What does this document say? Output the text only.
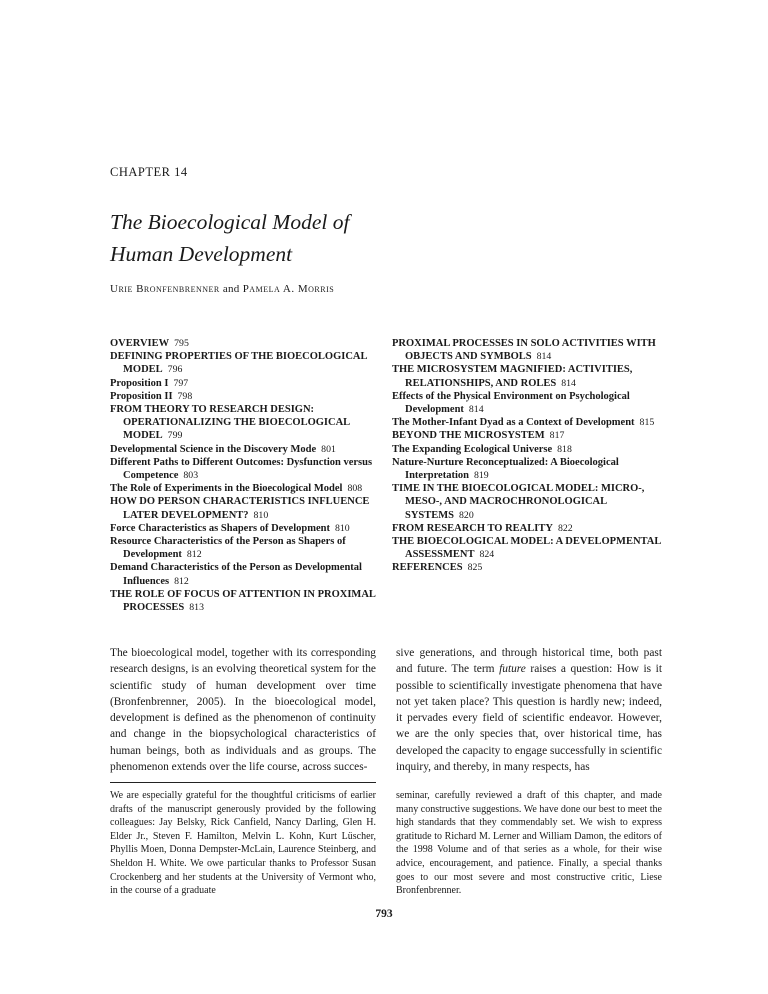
CHAPTER 14
The Bioecological Model of
Human Development
Urie Bronfenbrenner and Pamela A. Morris
OVERVIEW 795
DEFINING PROPERTIES OF THE BIOECOLOGICAL MODEL 796
Proposition I 797
Proposition II 798
FROM THEORY TO RESEARCH DESIGN: OPERATIONALIZING THE BIOECOLOGICAL MODEL 799
Developmental Science in the Discovery Mode 801
Different Paths to Different Outcomes: Dysfunction versus Competence 803
The Role of Experiments in the Bioecological Model 808
HOW DO PERSON CHARACTERISTICS INFLUENCE LATER DEVELOPMENT? 810
Force Characteristics as Shapers of Development 810
Resource Characteristics of the Person as Shapers of Development 812
Demand Characteristics of the Person as Developmental Influences 812
THE ROLE OF FOCUS OF ATTENTION IN PROXIMAL PROCESSES 813
PROXIMAL PROCESSES IN SOLO ACTIVITIES WITH OBJECTS AND SYMBOLS 814
THE MICROSYSTEM MAGNIFIED: ACTIVITIES, RELATIONSHIPS, AND ROLES 814
Effects of the Physical Environment on Psychological Development 814
The Mother-Infant Dyad as a Context of Development 815
BEYOND THE MICROSYSTEM 817
The Expanding Ecological Universe 818
Nature-Nurture Reconceptualized: A Bioecological Interpretation 819
TIME IN THE BIOECOLOGICAL MODEL: MICRO-, MESO-, AND MACROCHRONOLOGICAL SYSTEMS 820
FROM RESEARCH TO REALITY 822
THE BIOECOLOGICAL MODEL: A DEVELOPMENTAL ASSESSMENT 824
REFERENCES 825

The bioecological model, together with its corresponding research designs, is an evolving theoretical system for the scientific study of human development over time (Bronfenbrenner, 2005). In the bioecological model, development is defined as the phenomenon of continuity and change in the biopsychological characteristics of human beings, both as individuals and as groups. The phenomenon extends over the life course, across succes-

sive generations, and through historical time, both past and future. The term future raises a question: How is it possible to scientifically investigate phenomena that have not yet taken place? This question is hardly new; indeed, it pervades every field of scientific endeavor. However, we are the only species that, over historical time, has developed the capacity to engage successfully in scientific inquiry, and thereby, in many respects, has

We are especially grateful for the thoughtful criticisms of earlier drafts of the manuscript generously provided by the following colleagues: Jay Belsky, Rick Canfield, Nancy Darling, Glen H. Elder Jr., Steven F. Hamilton, Melvin L. Kohn, Kurt Lüscher, Phyllis Moen, Donna Dempster-McLain, Laurence Steinberg, and Sheldon H. White. We owe particular thanks to Professor Susan Crockenberg and her students at the University of Vermont who, in the course of a graduate
seminar, carefully reviewed a draft of this chapter, and made many constructive suggestions. We have done our best to meet the high standards that they commendably set. We wish to express gratitude to Richard M. Lerner and William Damon, the editors of the 1998 Volume and of that series as a whole, for their wise advice, encouragement, and patience. Finally, a special thanks goes to our most severe and most constructive critic, Liese Bronfenbrenner.
793
